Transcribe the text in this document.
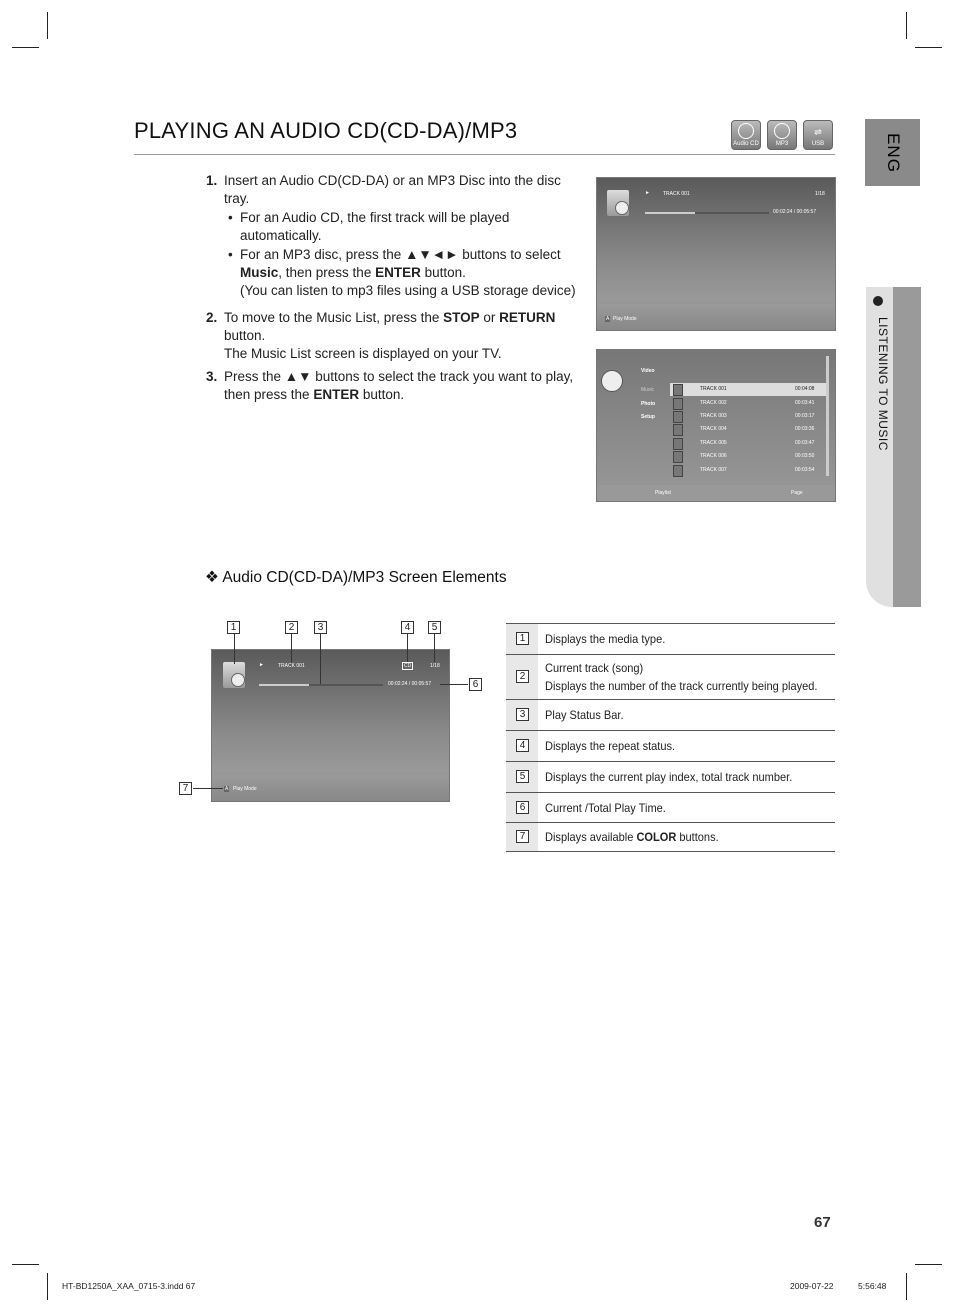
PLAYING AN AUDIO CD(CD-DA)/MP3
Audio CD	MP3
⇌
USB	ENG
LISTENING TO MUSIC
1. Insert an Audio CD(CD-DA) or an MP3 Disc into the disc tray.
• For an Audio CD, the first track will be played automatically.
• For an MP3 disc, press the ▲▼◄► buttons to select Music, then press the ENTER button.
(You can listen to mp3 files using a USB storage device)
2. To move to the Music List, press the STOP or RETURN button.
The Music List screen is displayed on your TV.
3. Press the ▲▼ buttons to select the track you want to play, then press the ENTER button.
►	TRACK 001	1/18
00:02:24 / 00:05:57
A Play Mode
Video
Music
Photo
Setup
Playlist	Page
TRACK 001	00:04:08
TRACK 002	00:03:41
TRACK 003	00:03:17
TRACK 004	00:03:36
TRACK 005	00:03:47
TRACK 006	00:03:50
TRACK 007	00:03:54
❖ Audio CD(CD-DA)/MP3 Screen Elements
►	TRACK 001	CD	1/18
00:02:24 / 00:05:57
A Play Mode
1	2	3	4	5
6
7
1	Displays the media type.
2
Current track (song)
Displays the number of the track currently being played.
3	Play Status Bar.
4	Displays the repeat status.
5	Displays the current play index, total track number.
6	Current /Total Play Time.
7	Displays available COLOR buttons.
67
HT-BD1250A_XAA_0715-3.indd 67	2009-07-22	5:56:48
